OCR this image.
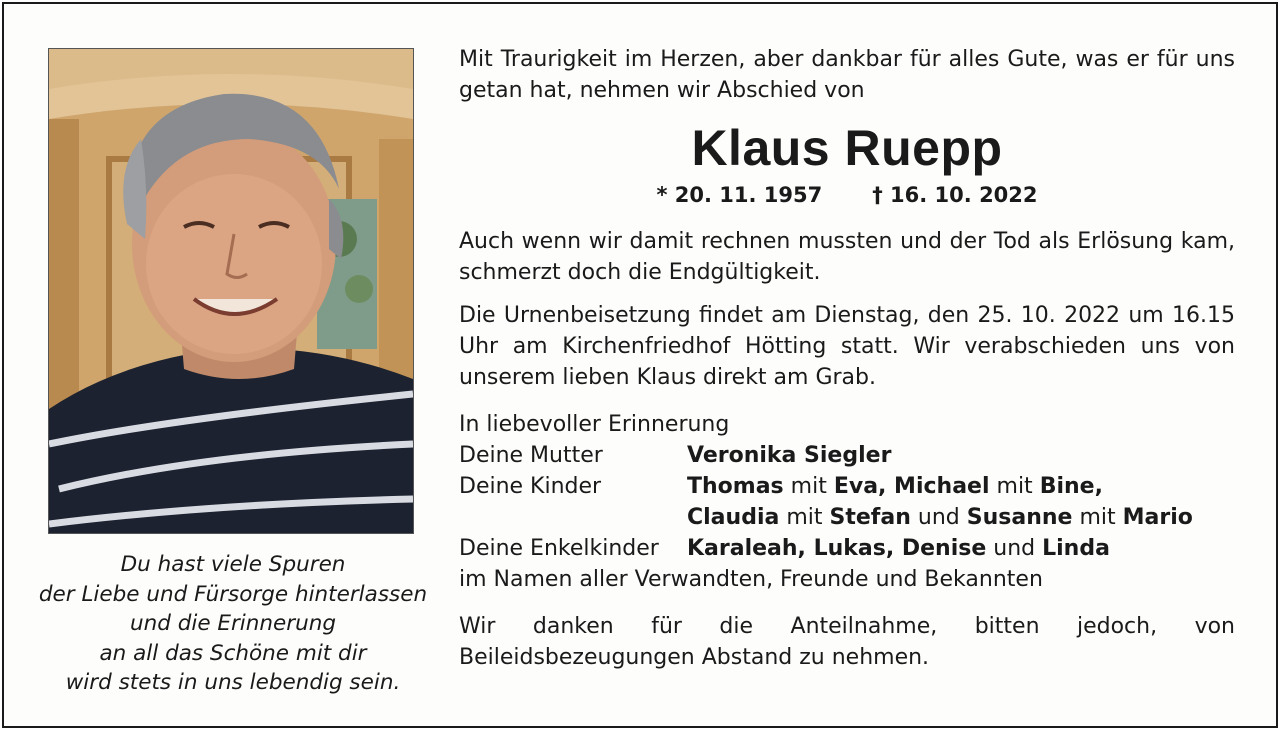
Du hast viele Spuren
der Liebe und Fürsorge hinterlassen
und die Erinnerung
an all das Schöne mit dir
wird stets in uns lebendig sein.
Mit Traurigkeit im Herzen, aber dankbar für alles Gute, was er für uns getan hat, nehmen wir Abschied von
Klaus Ruepp
* 20. 11. 1957 † 16. 10. 2022
Auch wenn wir damit rechnen mussten und der Tod als Erlösung kam, schmerzt doch die Endgültigkeit.
Die Urnenbeisetzung findet am Dienstag, den 25. 10. 2022 um 16.15 Uhr am Kirchenfriedhof Hötting statt. Wir verabschieden uns von unserem lieben Klaus direkt am Grab.
In liebevoller Erinnerung
Deine Mutter	Veronika Siegler
Deine Kinder	Thomas mit Eva, Michael mit Bine,
Claudia mit Stefan und Susanne mit Mario
Deine Enkelkinder	Karaleah, Lukas, Denise und Linda
im Namen aller Verwandten, Freunde und Bekannten
Wir danken für die Anteilnahme, bitten jedoch, von Beileidsbezeugungen Abstand zu nehmen.
